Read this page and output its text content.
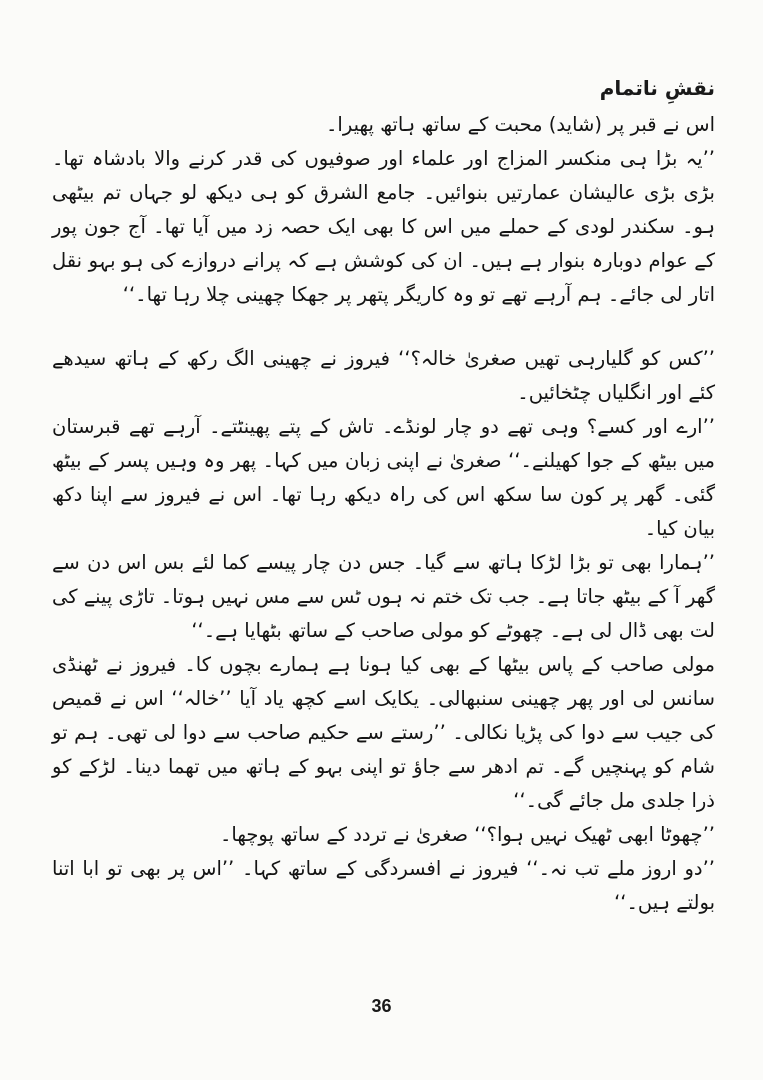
نقشِ ناتمام

اس نے قبر پر (شاید) محبت کے ساتھ ہاتھ پھیرا۔

’’یہ بڑا ہی منکسر المزاج اور علماء اور صوفیوں کی قدر کرنے والا بادشاہ تھا۔ بڑی بڑی عالیشان عمارتیں بنوائیں۔ جامع الشرق کو ہی دیکھ لو جہاں تم بیٹھی ہو۔ سکندر لودی کے حملے میں اس کا بھی ایک حصہ زد میں آیا تھا۔ آج جون پور کے عوام دوبارہ بنوار ہے ہیں۔ ان کی کوشش ہے کہ پرانے دروازے کی ہو بہو نقل اتار لی جائے۔ ہم آرہے تھے تو وہ کاریگر پتھر پر جھکا چھینی چلا رہا تھا۔‘‘

’’کس کو گلیارہی تھیں صغریٰ خالہ؟‘‘ فیروز نے چھینی الگ رکھ کے ہاتھ سیدھے کئے اور انگلیاں چٹخائیں۔

’’ارے اور کسے؟ وہی تھے دو چار لونڈے۔ تاش کے پتے پھینٹتے۔ آرہے تھے قبرستان میں بیٹھ کے جوا کھیلنے۔‘‘ صغریٰ نے اپنی زبان میں کہا۔ پھر وہ وہیں پسر کے بیٹھ گئی۔ گھر پر کون سا سکھ اس کی راہ دیکھ رہا تھا۔ اس نے فیروز سے اپنا دکھ بیان کیا۔

’’ہمارا بھی تو بڑا لڑکا ہاتھ سے گیا۔ جس دن چار پیسے کما لئے بس اس دن سے گھر آ کے بیٹھ جاتا ہے۔ جب تک ختم نہ ہوں ٹس سے مس نہیں ہوتا۔ تاڑی پینے کی لت بھی ڈال لی ہے۔ چھوٹے کو مولی صاحب کے ساتھ بٹھایا ہے۔‘‘

مولی صاحب کے پاس بیٹھا کے بھی کیا ہونا ہے ہمارے بچوں کا۔ فیروز نے ٹھنڈی سانس لی اور پھر چھینی سنبھالی۔ یکایک اسے کچھ یاد آیا ’’خالہ‘‘ اس نے قمیص کی جیب سے دوا کی پڑیا نکالی۔ ’’رستے سے حکیم صاحب سے دوا لی تھی۔ ہم تو شام کو پہنچیں گے۔ تم ادھر سے جاؤ تو اپنی بہو کے ہاتھ میں تھما دینا۔ لڑکے کو ذرا جلدی مل جائے گی۔‘‘

’’چھوٹا ابھی ٹھیک نہیں ہوا؟‘‘ صغریٰ نے تردد کے ساتھ پوچھا۔

’’دو اروز ملے تب نہ۔‘‘ فیروز نے افسردگی کے ساتھ کہا۔ ’’اس پر بھی تو ابا اتنا بولتے ہیں۔‘‘

36
